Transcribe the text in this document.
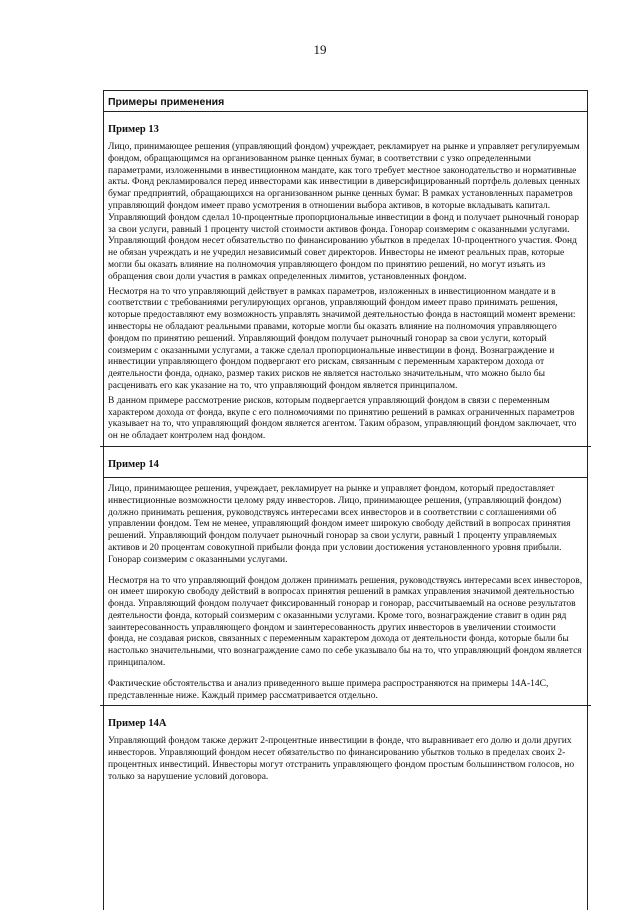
19
Примеры применения

Пример 13

Лицо, принимающее решения (управляющий фондом) учреждает, рекламирует на рынке и управляет регулируемым фондом, обращающимся на организованном рынке ценных бумаг, в соответствии с узко определенными параметрами, изложенными в инвестиционном мандате, как того требует местное законодательство и нормативные акты. Фонд рекламировался перед инвесторами как инвестиции в диверсифицированный портфель долевых ценных бумаг предприятий, обращающихся на организованном рынке ценных бумаг. В рамках установленных параметров управляющий фондом имеет право усмотрения в отношении выбора активов, в которые вкладывать капитал. Управляющий фондом сделал 10-процентные пропорциональные инвестиции в фонд и получает рыночный гонорар за свои услуги, равный 1 проценту чистой стоимости активов фонда. Гонорар соизмерим с оказанными услугами. Управляющий фондом несет обязательство по финансированию убытков в пределах 10-процентного участия. Фонд не обязан учреждать и не учредил независимый совет директоров. Инвесторы не имеют реальных прав, которые могли бы оказать влияние на полномочия управляющего фондом по принятию решений, но могут изъять из обращения свои доли участия в рамках определенных лимитов, установленных фондом.

Несмотря на то что управляющий действует в рамках параметров, изложенных в инвестиционном мандате и в соответствии с требованиями регулирующих органов, управляющий фондом имеет право принимать решения, которые предоставляют ему возможность управлять значимой деятельностью фонда в настоящий момент времени: инвесторы не обладают реальными правами, которые могли бы оказать влияние на полномочия управляющего фондом по принятию решений. Управляющий фондом получает рыночный гонорар за свои услуги, который соизмерим с оказанными услугами, а также сделал пропорциональные инвестиции в фонд. Вознаграждение и инвестиции управляющего фондом подвергают его рискам, связанным с переменным характером дохода от деятельности фонда, однако, размер таких рисков не является настолько значительным, что можно было бы расценивать его как указание на то, что управляющий фондом является принципалом.

В данном примере рассмотрение рисков, которым подвергается управляющий фондом в связи с переменным характером дохода от фонда, вкупе с его полномочиями по принятию решений в рамках ограниченных параметров указывает на то, что управляющий фондом является агентом. Таким образом, управляющий фондом заключает, что он не обладает контролем над фондом.

Пример 14

Лицо, принимающее решения, учреждает, рекламирует на рынке и управляет фондом, который предоставляет инвестиционные возможности целому ряду инвесторов. Лицо, принимающее решения, (управляющий фондом) должно принимать решения, руководствуясь интересами всех инвесторов и в соответствии с соглашениями об управлении фондом. Тем не менее, управляющий фондом имеет широкую свободу действий в вопросах принятия решений. Управляющий фондом получает рыночный гонорар за свои услуги, равный 1 проценту управляемых активов и 20 процентам совокупной прибыли фонда при условии достижения установленного уровня прибыли. Гонорар соизмерим с оказанными услугами.

Несмотря на то что управляющий фондом должен принимать решения, руководствуясь интересами всех инвесторов, он имеет широкую свободу действий в вопросах принятия решений в рамках управления значимой деятельностью фонда. Управляющий фондом получает фиксированный гонорар и гонорар, рассчитываемый на основе результатов деятельности фонда, который соизмерим с оказанными услугами. Кроме того, вознаграждение ставит в один ряд заинтересованность управляющего фондом и заинтересованность других инвесторов в увеличении стоимости фонда, не создавая рисков, связанных с переменным характером дохода от деятельности фонда, которые были бы настолько значительными, что вознаграждение само по себе указывало бы на то, что управляющий фондом является принципалом.

Фактические обстоятельства и анализ приведенного выше примера распространяются на примеры 14А-14С, представленные ниже. Каждый пример рассматривается отдельно.

Пример 14А

Управляющий фондом также держит 2-процентные инвестиции в фонде, что выравнивает его долю и доли других инвесторов. Управляющий фондом несет обязательство по финансированию убытков только в пределах своих 2-процентных инвестиций. Инвесторы могут отстранить управляющего фондом простым большинством голосов, но только за нарушение условий договора.
